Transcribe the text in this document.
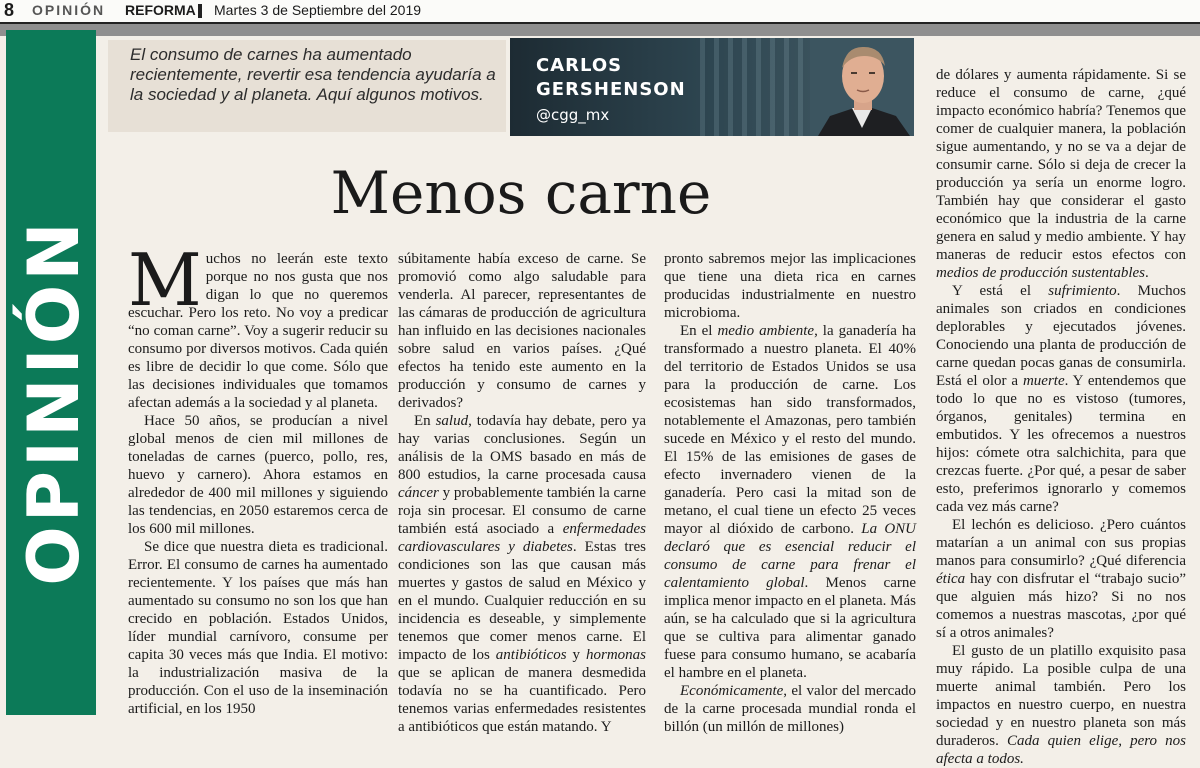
8 OPINIÓN REFORMA Martes 3 de Septiembre del 2019
OPINIÓN

El consumo de carnes ha aumentado recientemente, revertir esa tendencia ayudaría a la sociedad y al planeta. Aquí algunos motivos.

CARLOS
GERSHENSON
@cgg_mx
Menos carne

Muchos no leerán este texto porque no nos gusta que nos digan lo que no queremos escuchar. Pero los reto. No voy a predicar “no coman carne”. Voy a sugerir reducir su consumo por diversos motivos. Cada quién es libre de decidir lo que come. Sólo que las decisiones individuales que tomamos afectan además a la sociedad y al planeta.

Hace 50 años, se producían a nivel global menos de cien mil millones de toneladas de carnes (puerco, pollo, res, huevo y carnero). Ahora estamos en alrededor de 400 mil millones y siguiendo las tendencias, en 2050 estaremos cerca de los 600 mil millones.

Se dice que nuestra dieta es tradicional. Error. El consumo de carnes ha aumentado recientemente. Y los países que más han aumentado su consumo no son los que han crecido en población. Estados Unidos, líder mundial carnívoro, consume per capita 30 veces más que India. El motivo: la industrialización masiva de la producción. Con el uso de la inseminación artificial, en los 1950

súbitamente había exceso de carne. Se promovió como algo saludable para venderla. Al parecer, representantes de las cámaras de producción de agricultura han influido en las decisiones nacionales sobre salud en varios países. ¿Qué efectos ha tenido este aumento en la producción y consumo de carnes y derivados?

En salud, todavía hay debate, pero ya hay varias conclusiones. Según un análisis de la OMS basado en más de 800 estudios, la carne procesada causa cáncer y probablemente también la carne roja sin procesar. El consumo de carne también está asociado a enfermedades cardiovasculares y diabetes. Estas tres condiciones son las que causan más muertes y gastos de salud en México y en el mundo. Cualquier reducción en su incidencia es deseable, y simplemente tenemos que comer menos carne. El impacto de los antibióticos y hormonas que se aplican de manera desmedida todavía no se ha cuantificado. Pero tenemos varias enfermedades resistentes a antibióticos que están matando. Y

pronto sabremos mejor las implicaciones que tiene una dieta rica en carnes producidas industrialmente en nuestro microbioma.

En el medio ambiente, la ganadería ha transformado a nuestro planeta. El 40% del territorio de Estados Unidos se usa para la producción de carne. Los ecosistemas han sido transformados, notablemente el Amazonas, pero también sucede en México y el resto del mundo. El 15% de las emisiones de gases de efecto invernadero vienen de la ganadería. Pero casi la mitad son de metano, el cual tiene un efecto 25 veces mayor al dióxido de carbono. La ONU declaró que es esencial reducir el consumo de carne para frenar el calentamiento global. Menos carne implica menor impacto en el planeta. Más aún, se ha calculado que si la agricultura que se cultiva para alimentar ganado fuese para consumo humano, se acabaría el hambre en el planeta.

Económicamente, el valor del mercado de la carne procesada mundial ronda el billón (un millón de millones)

de dólares y aumenta rápidamente. Si se reduce el consumo de carne, ¿qué impacto económico habría? Tenemos que comer de cualquier manera, la población sigue aumentando, y no se va a dejar de consumir carne. Sólo si deja de crecer la producción ya sería un enorme logro. También hay que considerar el gasto económico que la industria de la carne genera en salud y medio ambiente. Y hay maneras de reducir estos efectos con medios de producción sustentables.

Y está el sufrimiento. Muchos animales son criados en condiciones deplorables y ejecutados jóvenes. Conociendo una planta de producción de carne quedan pocas ganas de consumirla. Está el olor a muerte. Y entendemos que todo lo que no es vistoso (tumores, órganos, genitales) termina en embutidos. Y les ofrecemos a nuestros hijos: cómete otra salchichita, para que crezcas fuerte. ¿Por qué, a pesar de saber esto, preferimos ignorarlo y comemos cada vez más carne?

El lechón es delicioso. ¿Pero cuántos matarían a un animal con sus propias manos para consumirlo? ¿Qué diferencia ética hay con disfrutar el “trabajo sucio” que alguien más hizo? Si no nos comemos a nuestras mascotas, ¿por qué sí a otros animales?

El gusto de un platillo exquisito pasa muy rápido. La posible culpa de una muerte animal también. Pero los impactos en nuestro cuerpo, en nuestra sociedad y en nuestro planeta son más duraderos. Cada quien elige, pero nos afecta a todos.
